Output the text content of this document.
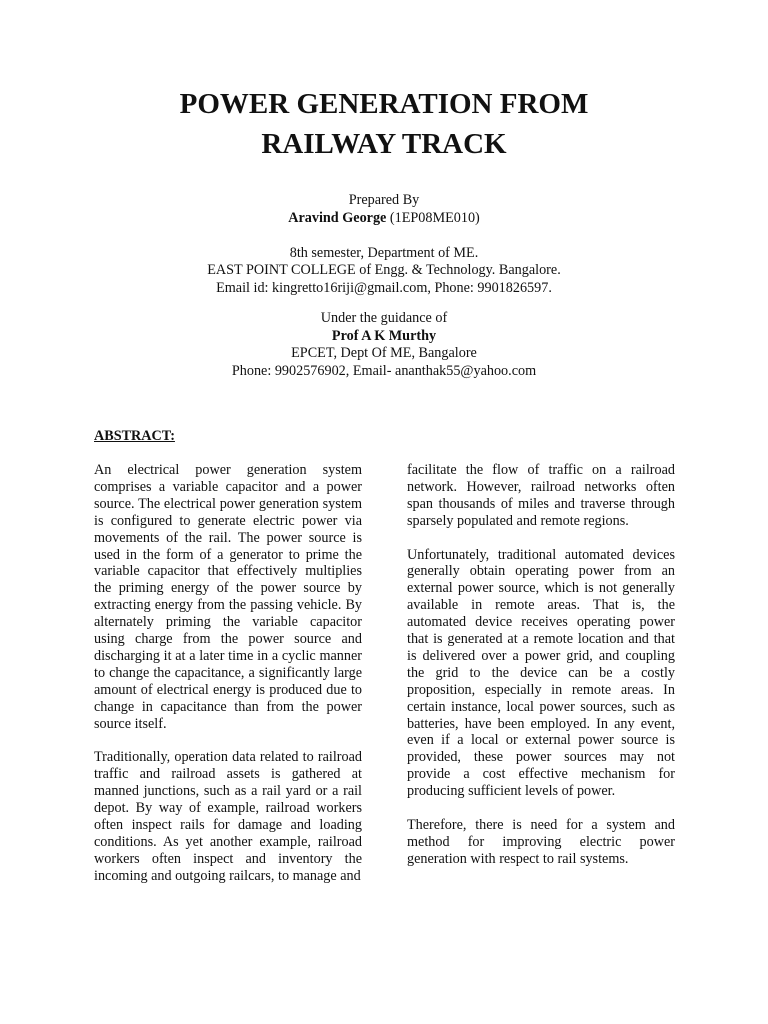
POWER GENERATION FROM
RAILWAY TRACK
Prepared By
Aravind George (1EP08ME010)
8th semester, Department of ME.
EAST POINT COLLEGE of Engg. & Technology. Bangalore.
Email id: kingretto16riji@gmail.com, Phone: 9901826597.
Under the guidance of
Prof A K Murthy
EPCET, Dept Of ME, Bangalore
Phone: 9902576902, Email- ananthak55@yahoo.com
ABSTRACT:

An electrical power generation system comprises a variable capacitor and a power source. The electrical power generation system is configured to generate electric power via movements of the rail. The power source is used in the form of a generator to prime the variable capacitor that effectively multiplies the priming energy of the power source by extracting energy from the passing vehicle. By alternately priming the variable capacitor using charge from the power source and discharging it at a later time in a cyclic manner to change the capacitance, a significantly large amount of electrical energy is produced due to change in capacitance than from the power source itself.

Traditionally, operation data related to railroad traffic and railroad assets is gathered at manned junctions, such as a rail yard or a rail depot. By way of example, railroad workers often inspect rails for damage and loading conditions. As yet another example, railroad workers often inspect and inventory the incoming and outgoing railcars, to manage and

facilitate the flow of traffic on a railroad network. However, railroad networks often span thousands of miles and traverse through sparsely populated and remote regions.

Unfortunately, traditional automated devices generally obtain operating power from an external power source, which is not generally available in remote areas. That is, the automated device receives operating power that is generated at a remote location and that is delivered over a power grid, and coupling the grid to the device can be a costly proposition, especially in remote areas. In certain instance, local power sources, such as batteries, have been employed. In any event, even if a local or external power source is provided, these power sources may not provide a cost effective mechanism for producing sufficient levels of power.

Therefore, there is need for a system and method for improving electric power generation with respect to rail systems.
